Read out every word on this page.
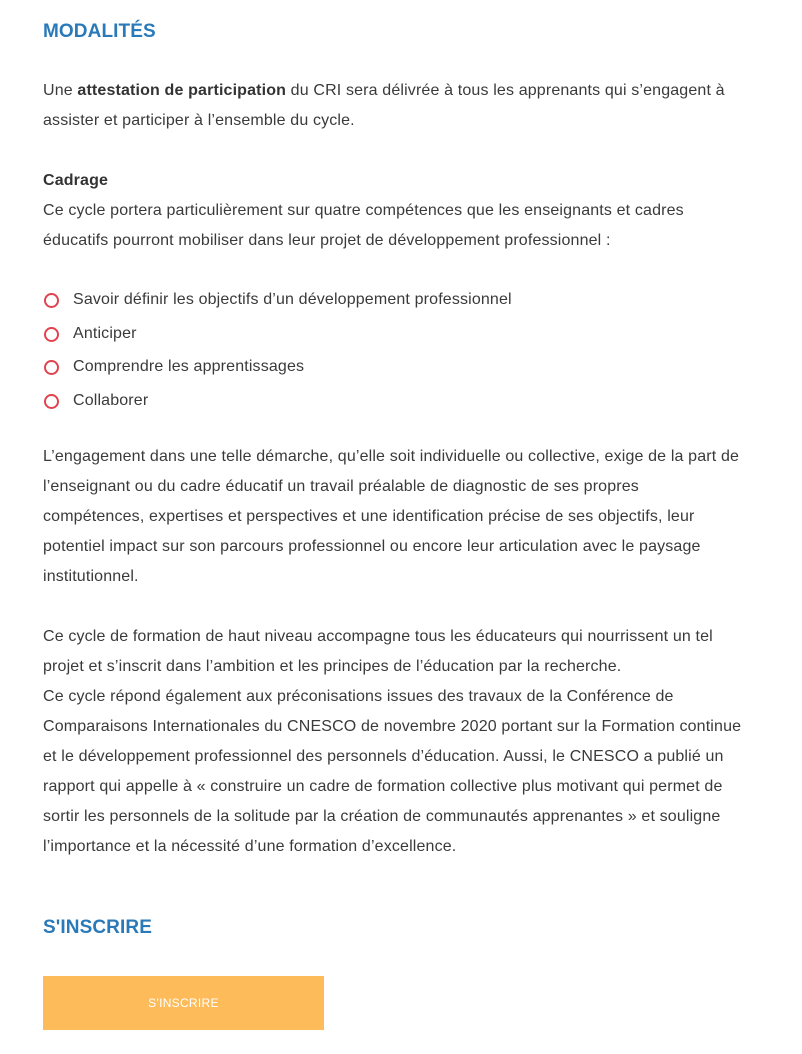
MODALITÉS

Une attestation de participation du CRI sera délivrée à tous les apprenants qui s’engagent à assister et participer à l’ensemble du cycle.

Cadrage
Ce cycle portera particulièrement sur quatre compétences que les enseignants et cadres éducatifs pourront mobiliser dans leur projet de développement professionnel :

Savoir définir les objectifs d’un développement professionnel
Anticiper
Comprendre les apprentissages
Collaborer

L’engagement dans une telle démarche, qu’elle soit individuelle ou collective, exige de la part de l’enseignant ou du cadre éducatif un travail préalable de diagnostic de ses propres compétences, expertises et perspectives et une identification précise de ses objectifs, leur potentiel impact sur son parcours professionnel ou encore leur articulation avec le paysage institutionnel.

Ce cycle de formation de haut niveau accompagne tous les éducateurs qui nourrissent un tel projet et s’inscrit dans l’ambition et les principes de l’éducation par la recherche.
Ce cycle répond également aux préconisations issues des travaux de la Conférence de Comparaisons Internationales du CNESCO de novembre 2020 portant sur la Formation continue et le développement professionnel des personnels d’éducation. Aussi, le CNESCO a publié un rapport qui appelle à « construire un cadre de formation collective plus motivant qui permet de sortir les personnels de la solitude par la création de communautés apprenantes » et souligne l’importance et la nécessité d’une formation d’excellence.

S'INSCRIRE
S'INSCRIRE
